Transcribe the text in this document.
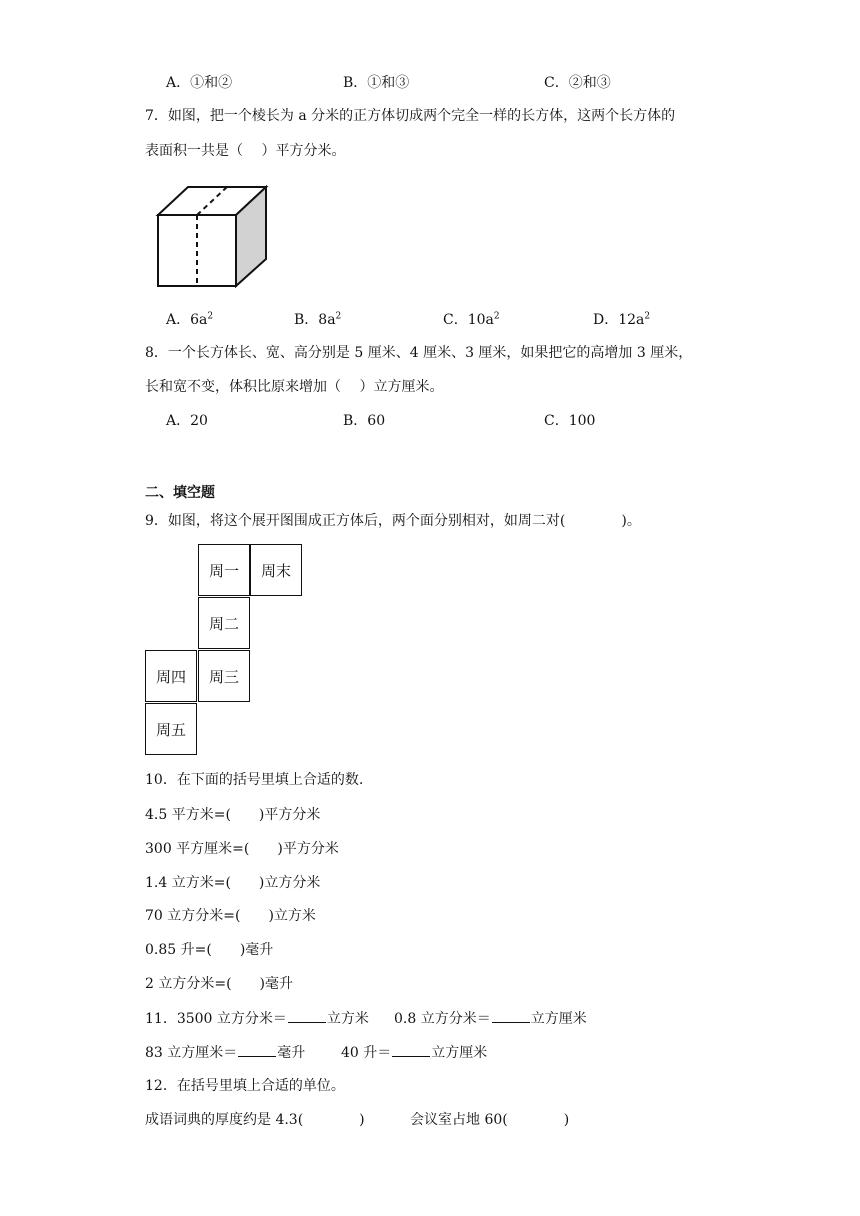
A．①和②	B．①和③	C．②和③
7．如图，把一个棱长为 a 分米的正方体切成两个完全一样的长方体，这两个长方体的
表面积一共是（　 ）平方分米。
A．$6a^2$	B．$8a^2$	C．$10a^2$	D．$12a^2$
8．一个长方体长、宽、高分别是 5 厘米、4 厘米、3 厘米，如果把它的高增加 3 厘米，
长和宽不变，体积比原来增加（　 ）立方厘米。
A．20	B．60	C．100
二、填空题
9．如图，将这个展开图围成正方体后，两个面分别相对，如周二对(　　　　)。
周一	周末
周二
周四	周三
周五
10．在下面的括号里填上合适的数.
4.5 平方米=(　　)平方分米
300 平方厘米=(　　)平方分米
1.4 立方米=(　　)立方分米
70 立方分米=(　　)立方米
0.85 升=(　　)毫升
2 立方分米=(　　)毫升
11．3500 立方分米＝	立方米 0.8 立方分米＝	立方厘米
83 立方厘米＝	毫升	40 升＝	立方厘米
12．在括号里填上合适的单位。
成语词典的厚度约是 4.3(　　　　)	会议室占地 60(　　　　)
